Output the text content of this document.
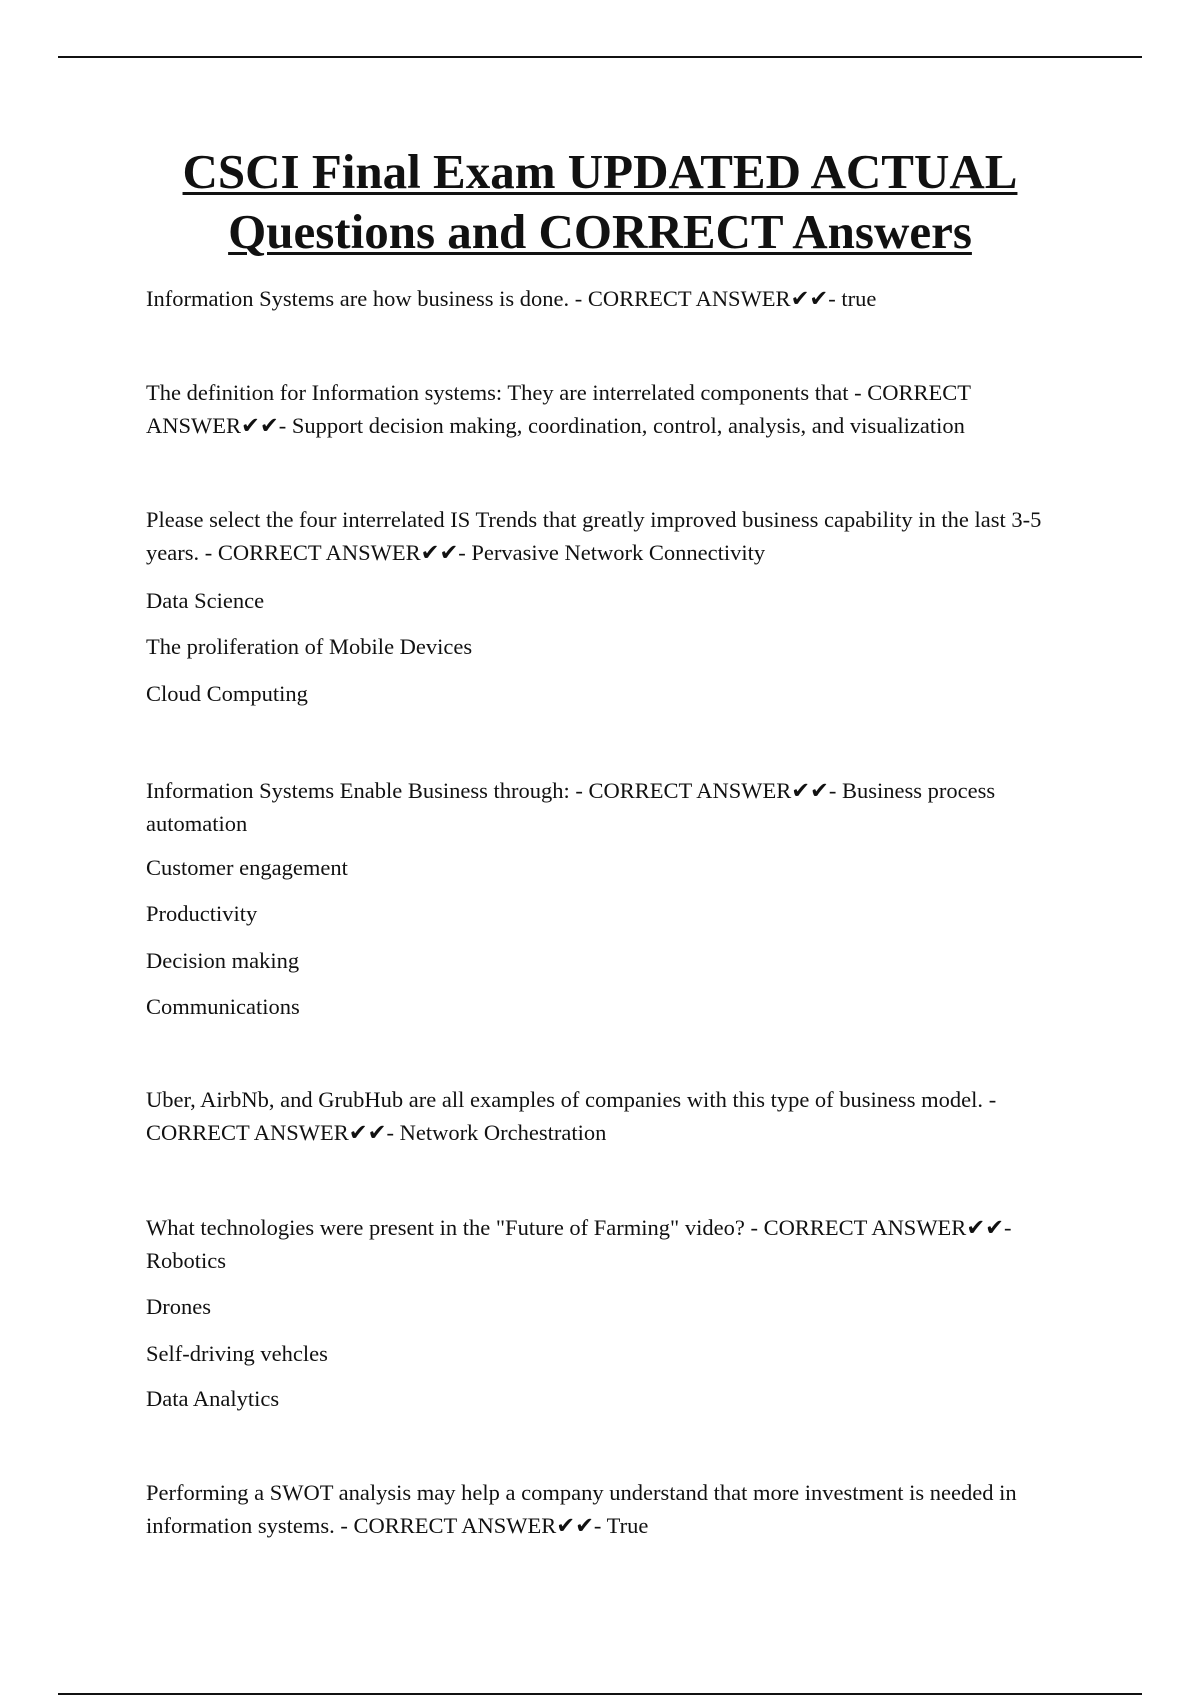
CSCI Final Exam UPDATED ACTUAL
Questions and CORRECT Answers

Information Systems are how business is done. - CORRECT ANSWER✔✔- true

The definition for Information systems: They are interrelated components that - CORRECT ANSWER✔✔- Support decision making, coordination, control, analysis, and visualization

Please select the four interrelated IS Trends that greatly improved business capability in the last 3-5 years. - CORRECT ANSWER✔✔- Pervasive Network Connectivity

Data Science

The proliferation of Mobile Devices

Cloud Computing

Information Systems Enable Business through: - CORRECT ANSWER✔✔- Business process automation

Customer engagement

Productivity

Decision making

Communications

Uber, AirbNb, and GrubHub are all examples of companies with this type of business model. - CORRECT ANSWER✔✔- Network Orchestration

What technologies were present in the "Future of Farming" video? - CORRECT ANSWER✔✔- Robotics

Drones

Self-driving vehcles

Data Analytics

Performing a SWOT analysis may help a company understand that more investment is needed in information systems. - CORRECT ANSWER✔✔- True
